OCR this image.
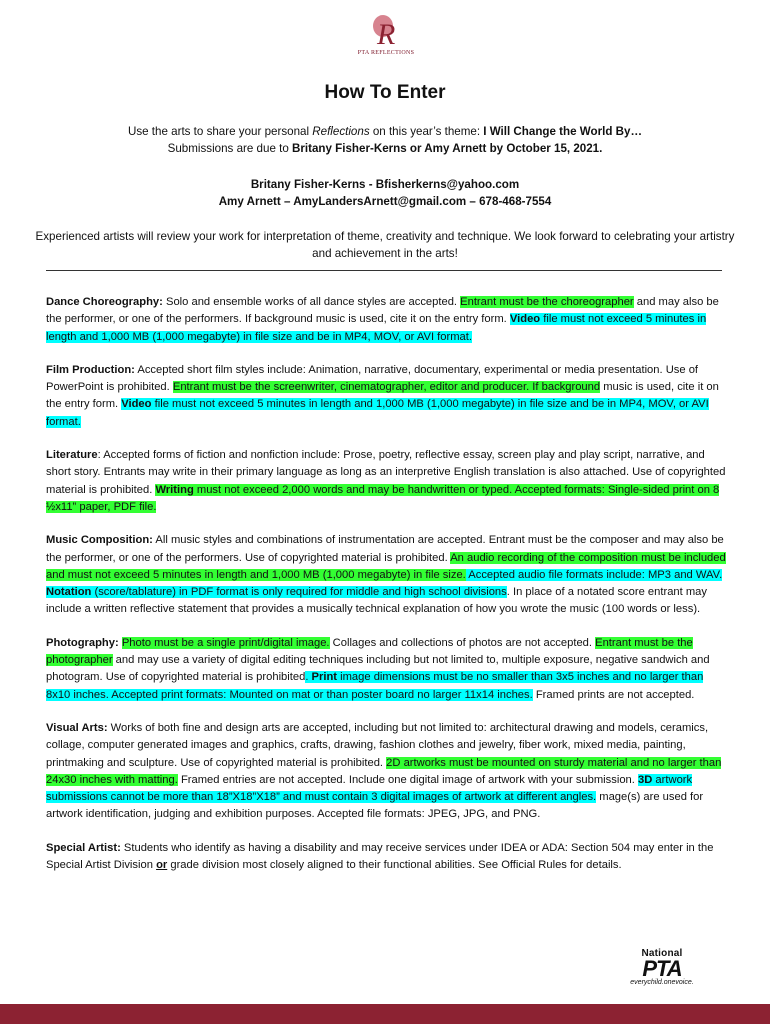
R
PTA REFLECTIONS
How To Enter
Use the arts to share your personal Reflections on this year’s theme: I Will Change the World By…
Submissions are due to Britany Fisher-Kerns or Amy Arnett by October 15, 2021.
Britany Fisher-Kerns - Bfisherkerns@yahoo.com
Amy Arnett – AmyLandersArnett@gmail.com – 678-468-7554
Experienced artists will review your work for interpretation of theme, creativity and technique. We look forward to celebrating your artistry and achievement in the arts!

Dance Choreography: Solo and ensemble works of all dance styles are accepted. Entrant must be the choreographer and may also be the performer, or one of the performers. If background music is used, cite it on the entry form. Video file must not exceed 5 minutes in length and 1,000 MB (1,000 megabyte) in file size and be in MP4, MOV, or AVI format.

Film Production: Accepted short film styles include: Animation, narrative, documentary, experimental or media presentation. Use of PowerPoint is prohibited. Entrant must be the screenwriter, cinematographer, editor and producer. If background music is used, cite it on the entry form. Video file must not exceed 5 minutes in length and 1,000 MB (1,000 megabyte) in file size and be in MP4, MOV, or AVI format.

Literature: Accepted forms of fiction and nonfiction include: Prose, poetry, reflective essay, screen play and play script, narrative, and short story. Entrants may write in their primary language as long as an interpretive English translation is also attached. Use of copyrighted material is prohibited. Writing must not exceed 2,000 words and may be handwritten or typed. Accepted formats: Single-sided print on 8 ½x11” paper, PDF file.

Music Composition: All music styles and combinations of instrumentation are accepted. Entrant must be the composer and may also be the performer, or one of the performers. Use of copyrighted material is prohibited. An audio recording of the composition must be included and must not exceed 5 minutes in length and 1,000 MB (1,000 megabyte) in file size. Accepted audio file formats include: MP3 and WAV. Notation (score/tablature) in PDF format is only required for middle and high school divisions. In place of a notated score entrant may include a written reflective statement that provides a musically technical explanation of how you wrote the music (100 words or less).

Photography: Photo must be a single print/digital image. Collages and collections of photos are not accepted. Entrant must be the photographer and may use a variety of digital editing techniques including but not limited to, multiple exposure, negative sandwich and photogram. Use of copyrighted material is prohibited. Print image dimensions must be no smaller than 3x5 inches and no larger than 8x10 inches. Accepted print formats: Mounted on mat or than poster board no larger 11x14 inches. Framed prints are not accepted.

Visual Arts: Works of both fine and design arts are accepted, including but not limited to: architectural drawing and models, ceramics, collage, computer generated images and graphics, crafts, drawing, fashion clothes and jewelry, fiber work, mixed media, painting, printmaking and sculpture. Use of copyrighted material is prohibited. 2D artworks must be mounted on sturdy material and no larger than 24x30 inches with matting. Framed entries are not accepted. Include one digital image of artwork with your submission. 3D artwork submissions cannot be more than 18”X18”X18” and must contain 3 digital images of artwork at different angles. mage(s) are used for artwork identification, judging and exhibition purposes. Accepted file formats: JPEG, JPG, and PNG.

Special Artist: Students who identify as having a disability and may receive services under IDEA or ADA: Section 504 may enter in the Special Artist Division or grade division most closely aligned to their functional abilities. See Official Rules for details.

National
PTA
everychild.onevoice.
